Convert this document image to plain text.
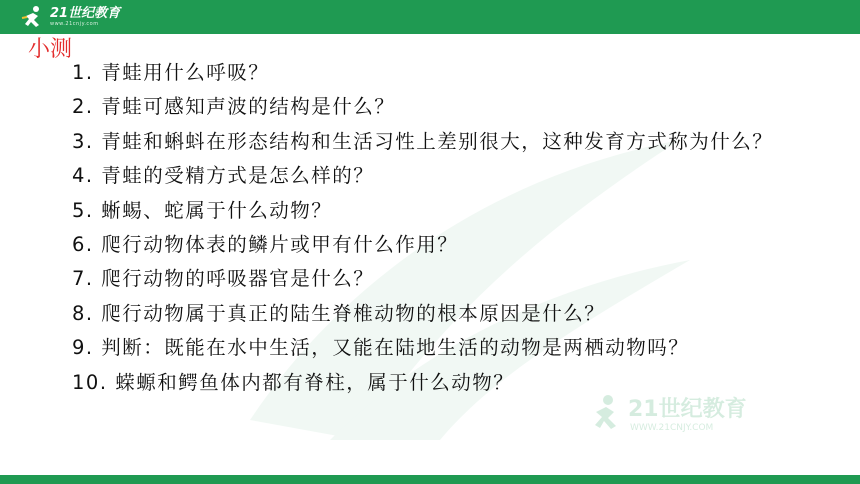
21世纪教育
www.21cnjy.com
小测
1. 青蛙用什么呼吸？
2. 青蛙可感知声波的结构是什么？
3. 青蛙和蝌蚪在形态结构和生活习性上差别很大，这种发育方式称为什么？
4. 青蛙的受精方式是怎么样的？
5. 蜥蜴、蛇属于什么动物？
6. 爬行动物体表的鳞片或甲有什么作用？
7. 爬行动物的呼吸器官是什么？
8. 爬行动物属于真正的陆生脊椎动物的根本原因是什么？
9. 判断：既能在水中生活，又能在陆地生活的动物是两栖动物吗？
10. 蝾螈和鳄鱼体内都有脊柱，属于什么动物？
21世纪教育
WWW.21CNJY.COM
